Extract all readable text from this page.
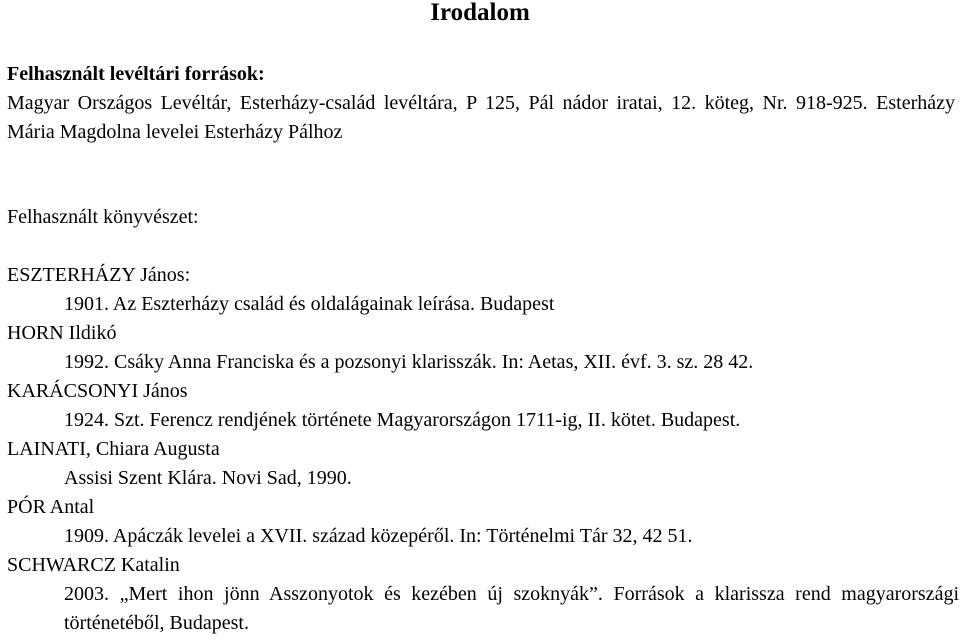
Irodalom
Felhasznált levéltári források:
Magyar Országos Levéltár, Esterházy-család levéltára, P 125, Pál nádor iratai, 12. köteg, Nr. 918-925. Esterházy Mária Magdolna levelei Esterházy Pálhoz
Felhasznált könyvészet:
ESZTERHÁZY János:
1901. Az Eszterházy család és oldalágainak leírása. Budapest
HORN Ildikó
1992. Csáky Anna Franciska és a pozsonyi klarisszák. In: Aetas, XII. évf. 3. sz. 28 42.
KARÁCSONYI János
1924. Szt. Ferencz rendjének története Magyarországon 1711-ig, II. kötet. Budapest.
LAINATI, Chiara Augusta
Assisi Szent Klára. Novi Sad, 1990.
PÓR Antal
1909. Apáczák levelei a XVII. század közepéről. In: Történelmi Tár 32, 42 51.
SCHWARCZ Katalin
2003. „Mert ihon jönn Asszonyotok és kezében új szoknyák”. Források a klarissza rend magyarországi történetéből, Budapest.
